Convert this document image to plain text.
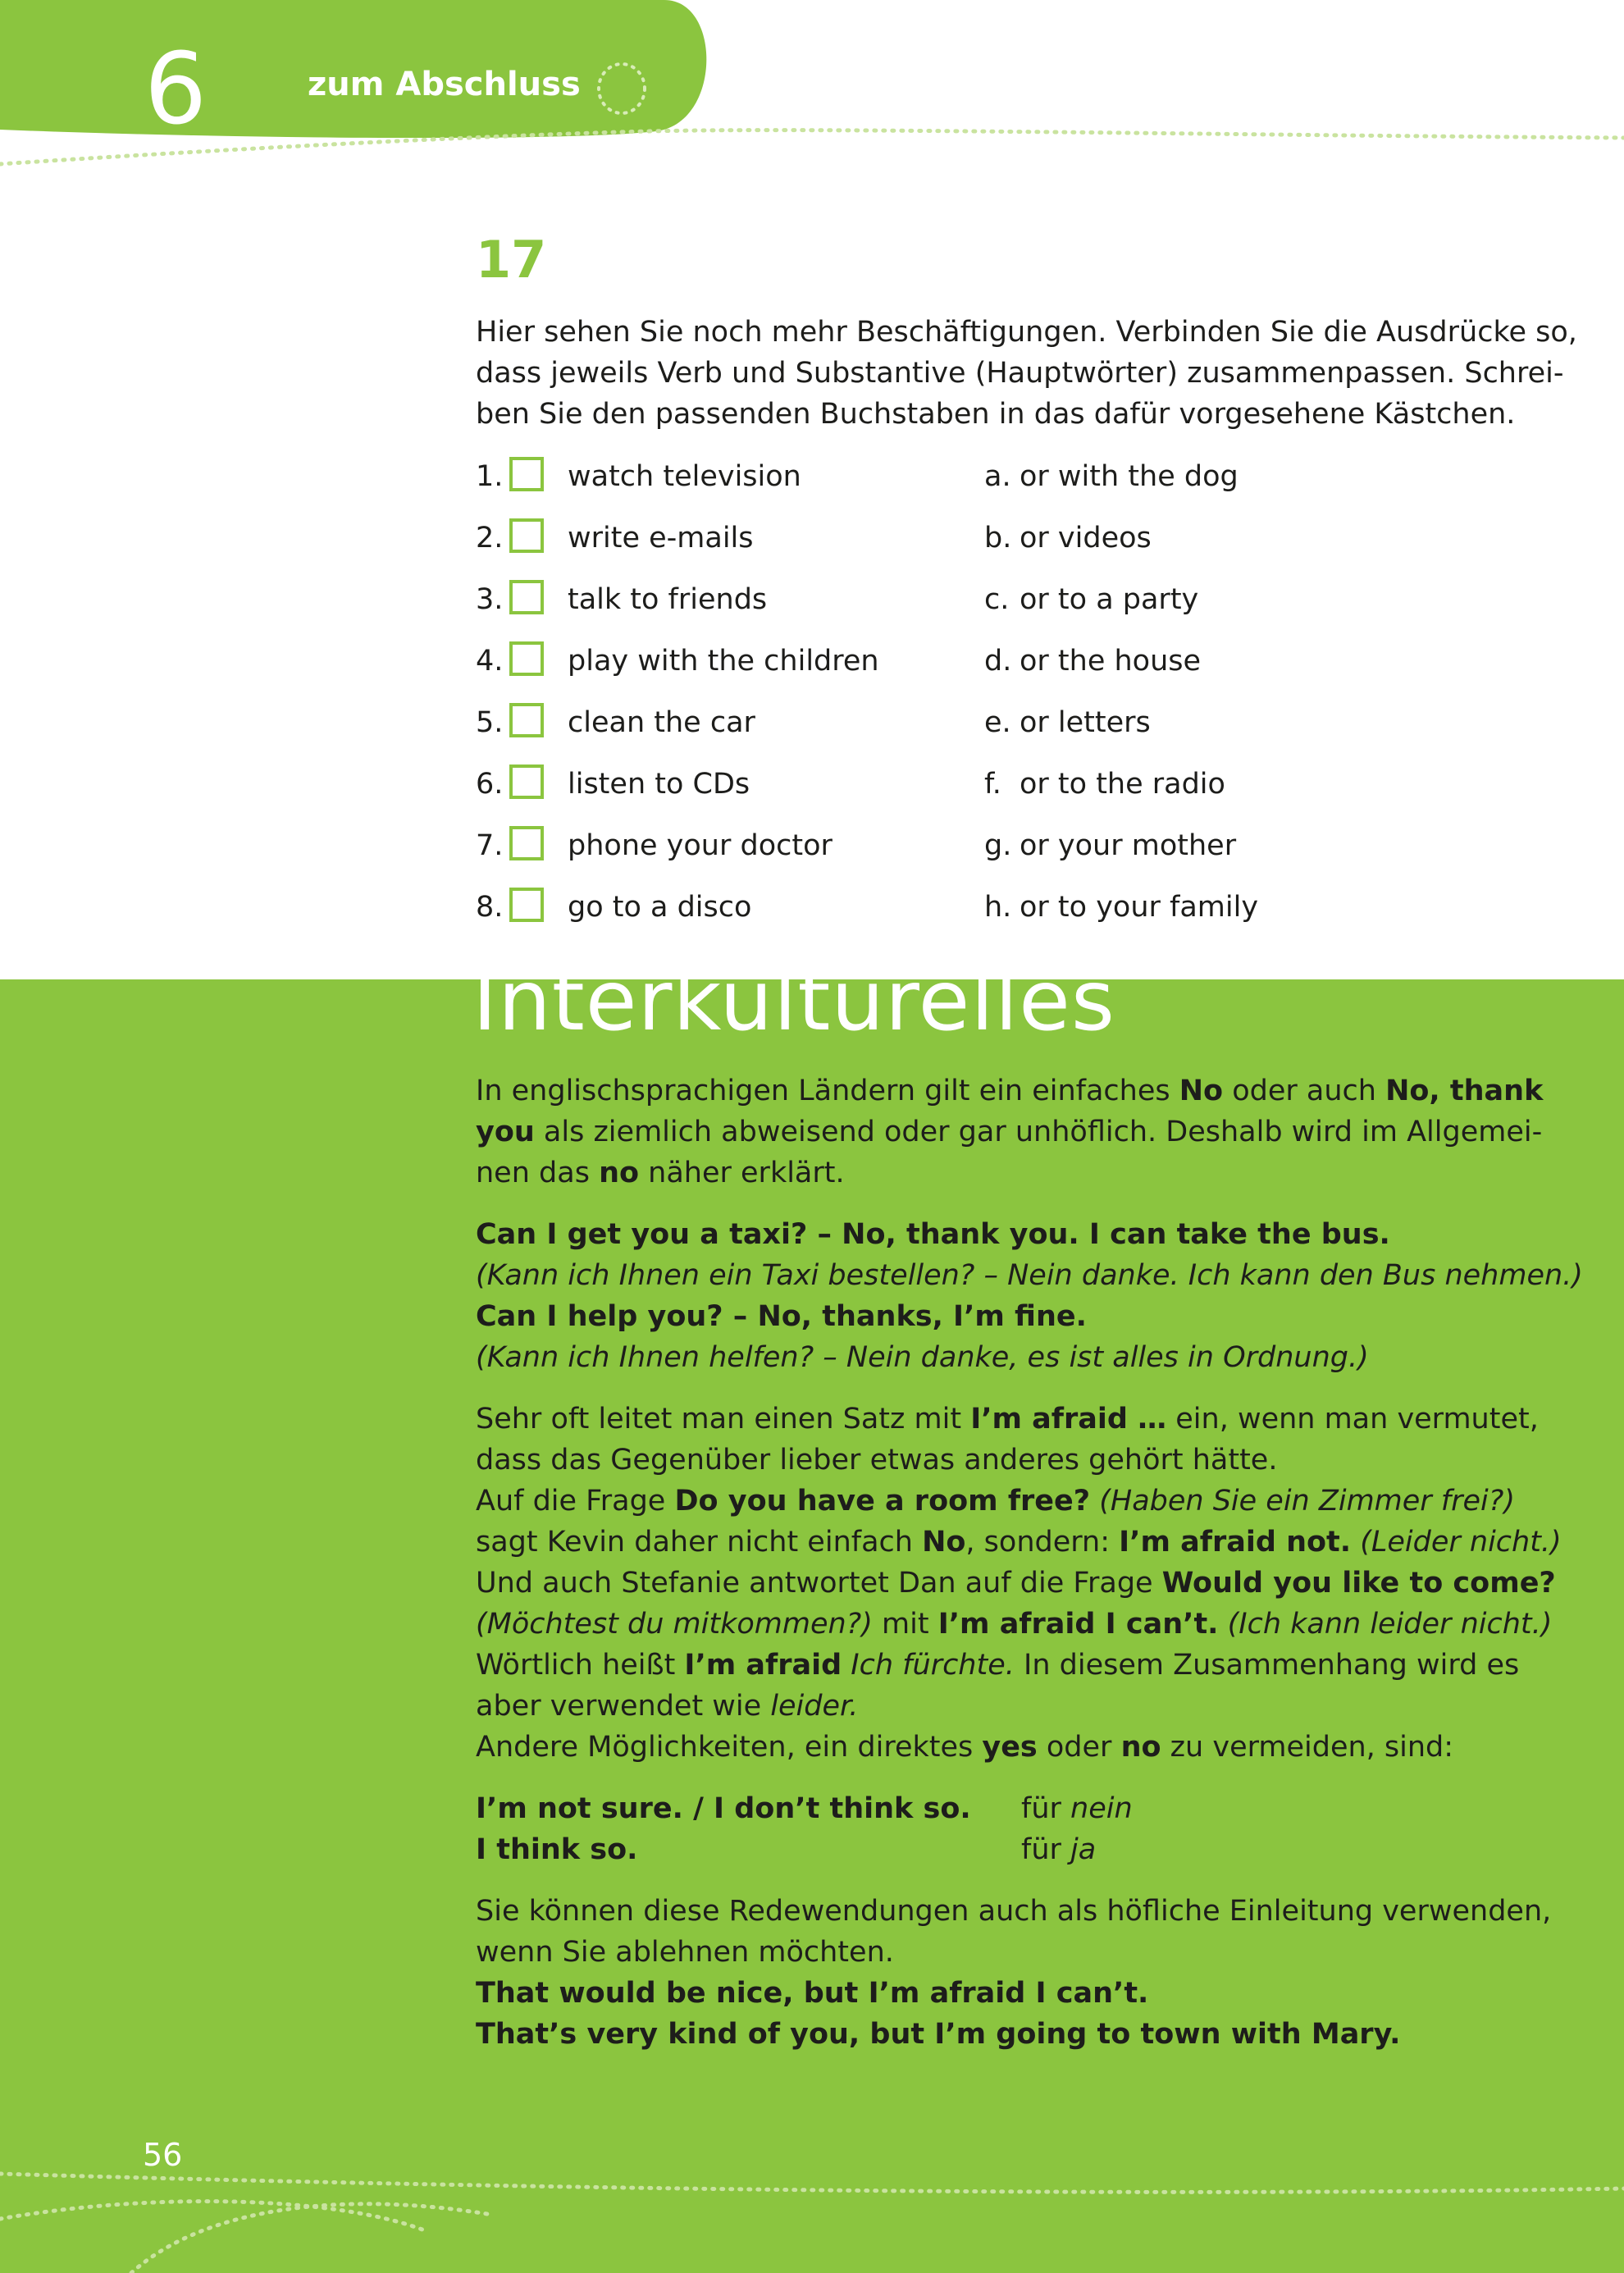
6	zum Abschluss
17
Hier sehen Sie noch mehr Beschäftigungen. Verbinden Sie die Ausdrücke so,
dass jeweils Verb und Substantive (Hauptwörter) zusammenpassen. Schrei-
ben Sie den passenden Buchstaben in das dafür vorgesehene Kästchen.
1. watch television	a. or with the dog
2. write e-mails	b. or videos
3. talk to friends	c. or to a party
4. play with the children	d. or the house
5. clean the car	e. or letters
6. listen to CDs	f. or to the radio
7. phone your doctor	g. or your mother
8. go to a disco	h. or to your family
Interkulturelles
In englischsprachigen Ländern gilt ein einfaches No oder auch No, thank
you als ziemlich abweisend oder gar unhöflich. Deshalb wird im Allgemei-
nen das no näher erklärt.
Can I get you a taxi? – No, thank you. I can take the bus.
(Kann ich Ihnen ein Taxi bestellen? – Nein danke. Ich kann den Bus nehmen.)
Can I help you? – No, thanks, I’m fine.
(Kann ich Ihnen helfen? – Nein danke, es ist alles in Ordnung.)
Sehr oft leitet man einen Satz mit I’m afraid … ein, wenn man vermutet,
dass das Gegenüber lieber etwas anderes gehört hätte.
Auf die Frage Do you have a room free? (Haben Sie ein Zimmer frei?)
sagt Kevin daher nicht einfach No, sondern: I’m afraid not. (Leider nicht.)
Und auch Stefanie antwortet Dan auf die Frage Would you like to come?
(Möchtest du mitkommen?) mit I’m afraid I can’t. (Ich kann leider nicht.)
Wörtlich heißt I’m afraid Ich fürchte. In diesem Zusammenhang wird es
aber verwendet wie leider.
Andere Möglichkeiten, ein direktes yes oder no zu vermeiden, sind:
I’m not sure. / I don’t think so. für nein
I think so.	für ja
Sie können diese Redewendungen auch als höfliche Einleitung verwenden,
wenn Sie ablehnen möchten.
That would be nice, but I’m afraid I can’t.
That’s very kind of you, but I’m going to town with Mary.
56
